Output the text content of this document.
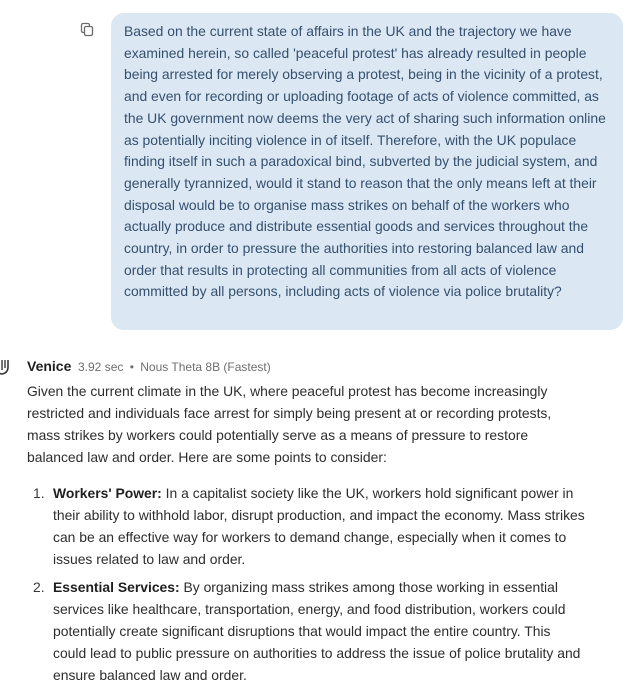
Based on the current state of affairs in the UK and the trajectory we have examined herein, so called 'peaceful protest' has already resulted in people being arrested for merely observing a protest, being in the vicinity of a protest, and even for recording or uploading footage of acts of violence committed, as the UK government now deems the very act of sharing such information online as potentially inciting violence in of itself. Therefore, with the UK populace finding itself in such a paradoxical bind, subverted by the judicial system, and generally tyrannized, would it stand to reason that the only means left at their disposal would be to organise mass strikes on behalf of the workers who actually produce and distribute essential goods and services throughout the country, in order to pressure the authorities into restoring balanced law and order that results in protecting all communities from all acts of violence committed by all persons, including acts of violence via police brutality?
Venice 3.92 sec • Nous Theta 8B (Fastest)

Given the current climate in the UK, where peaceful protest has become increasingly restricted and individuals face arrest for simply being present at or recording protests, mass strikes by workers could potentially serve as a means of pressure to restore balanced law and order. Here are some points to consider:

1. Workers' Power: In a capitalist society like the UK, workers hold significant power in their ability to withhold labor, disrupt production, and impact the economy. Mass strikes can be an effective way for workers to demand change, especially when it comes to issues related to law and order.
2. Essential Services: By organizing mass strikes among those working in essential services like healthcare, transportation, energy, and food distribution, workers could potentially create significant disruptions that would impact the entire country. This could lead to public pressure on authorities to address the issue of police brutality and ensure balanced law and order.
